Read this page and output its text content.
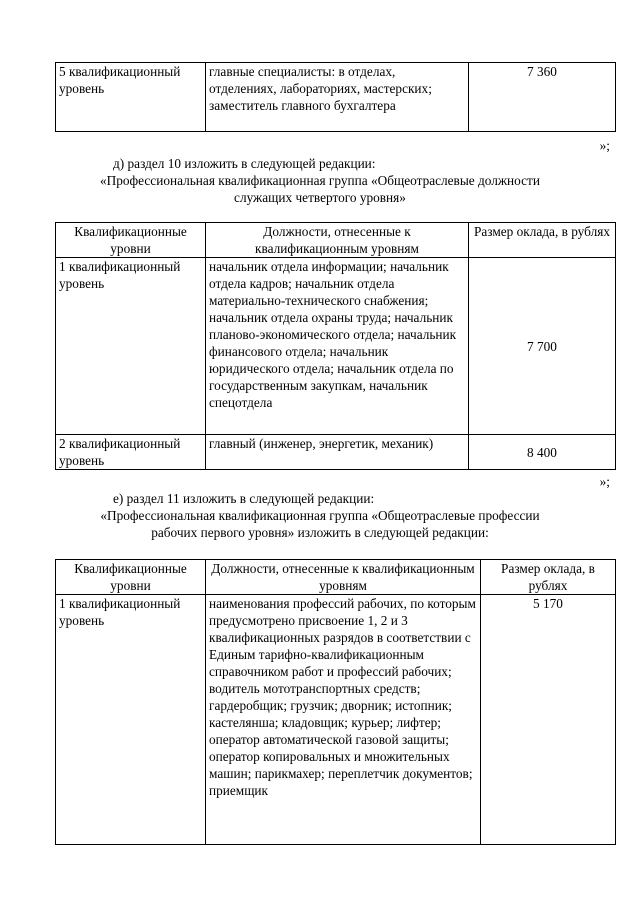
5 квалификационный уровень	главные специалисты: в отделах, отделениях, лабораториях, мастерских; заместитель главного бухгалтера	7 360
»;
д) раздел 10 изложить в следующей редакции:
«Профессиональная квалификационная группа «Общеотраслевые должности
служащих четвертого уровня»
Квалификационные уровни	Должности, отнесенные к квалификационным уровням	Размер оклада, в рублях
1 квалификационный уровень	начальник отдела информации; начальник отдела кадров; начальник отдела материально-технического снабжения; начальник отдела охраны труда; начальник планово-экономического отдела; начальник финансового отдела; начальник юридического отдела; начальник отдела по государственным закупкам, начальник спецотдела	7 700
2 квалификационный уровень	главный (инженер, энергетик, механик)	8 400
»;
е) раздел 11 изложить в следующей редакции:
«Профессиональная квалификационная группа «Общеотраслевые профессии
рабочих первого уровня» изложить в следующей редакции:
Квалификационные уровни	Должности, отнесенные к квалификационным уровням	Размер оклада, в рублях
1 квалификационный уровень	наименования профессий рабочих, по которым предусмотрено присвоение 1, 2 и 3 квалификационных разрядов в соответствии с Единым тарифно-квалификационным справочником работ и профессий рабочих; водитель мототранспортных средств; гардеробщик; грузчик; дворник; истопник; кастелянша; кладовщик; курьер; лифтер; оператор автоматической газовой защиты; оператор копировальных и множительных машин; парикмахер; переплетчик документов; приемщик	5 170
